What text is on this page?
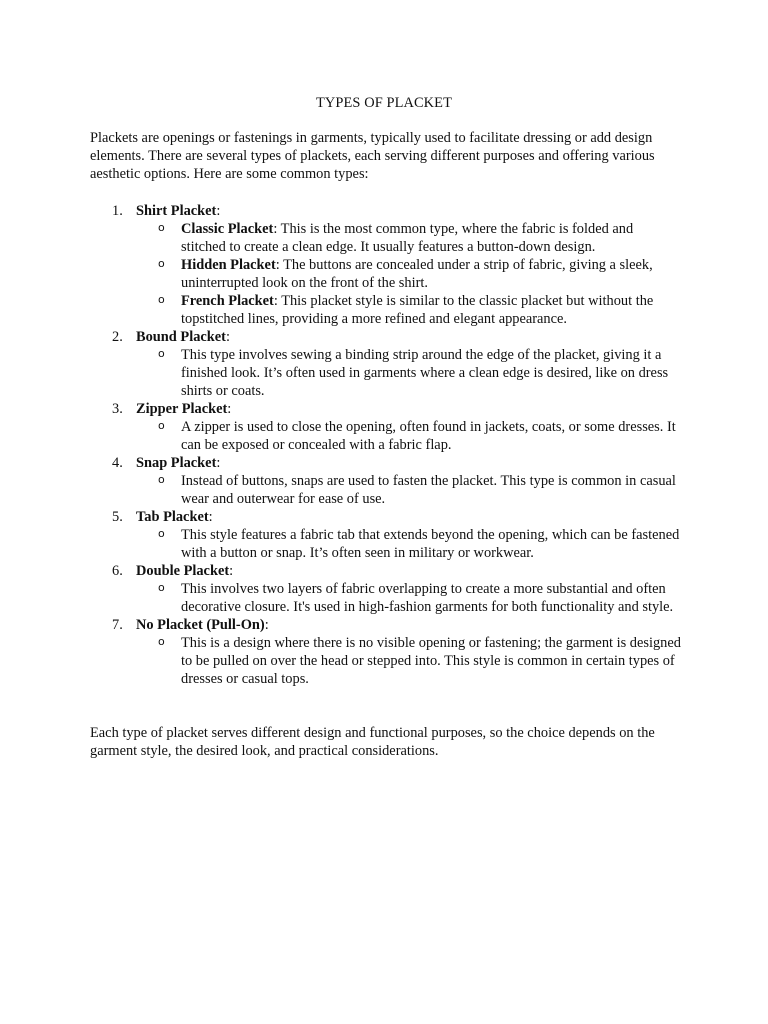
TYPES OF PLACKET
Plackets are openings or fastenings in garments, typically used to facilitate dressing or add design elements. There are several types of plackets, each serving different purposes and offering various aesthetic options. Here are some common types:
1. Shirt Placket:
o Classic Placket: This is the most common type, where the fabric is folded and stitched to create a clean edge. It usually features a button-down design.
o Hidden Placket: The buttons are concealed under a strip of fabric, giving a sleek, uninterrupted look on the front of the shirt.
o French Placket: This placket style is similar to the classic placket but without the topstitched lines, providing a more refined and elegant appearance.
2. Bound Placket:
o This type involves sewing a binding strip around the edge of the placket, giving it a finished look. It’s often used in garments where a clean edge is desired, like on dress shirts or coats.
3. Zipper Placket:
o A zipper is used to close the opening, often found in jackets, coats, or some dresses. It can be exposed or concealed with a fabric flap.
4. Snap Placket:
o Instead of buttons, snaps are used to fasten the placket. This type is common in casual wear and outerwear for ease of use.
5. Tab Placket:
o This style features a fabric tab that extends beyond the opening, which can be fastened with a button or snap. It’s often seen in military or workwear.
6. Double Placket:
o This involves two layers of fabric overlapping to create a more substantial and often decorative closure. It's used in high-fashion garments for both functionality and style.
7. No Placket (Pull-On):
o This is a design where there is no visible opening or fastening; the garment is designed to be pulled on over the head or stepped into. This style is common in certain types of dresses or casual tops.
Each type of placket serves different design and functional purposes, so the choice depends on the garment style, the desired look, and practical considerations.
